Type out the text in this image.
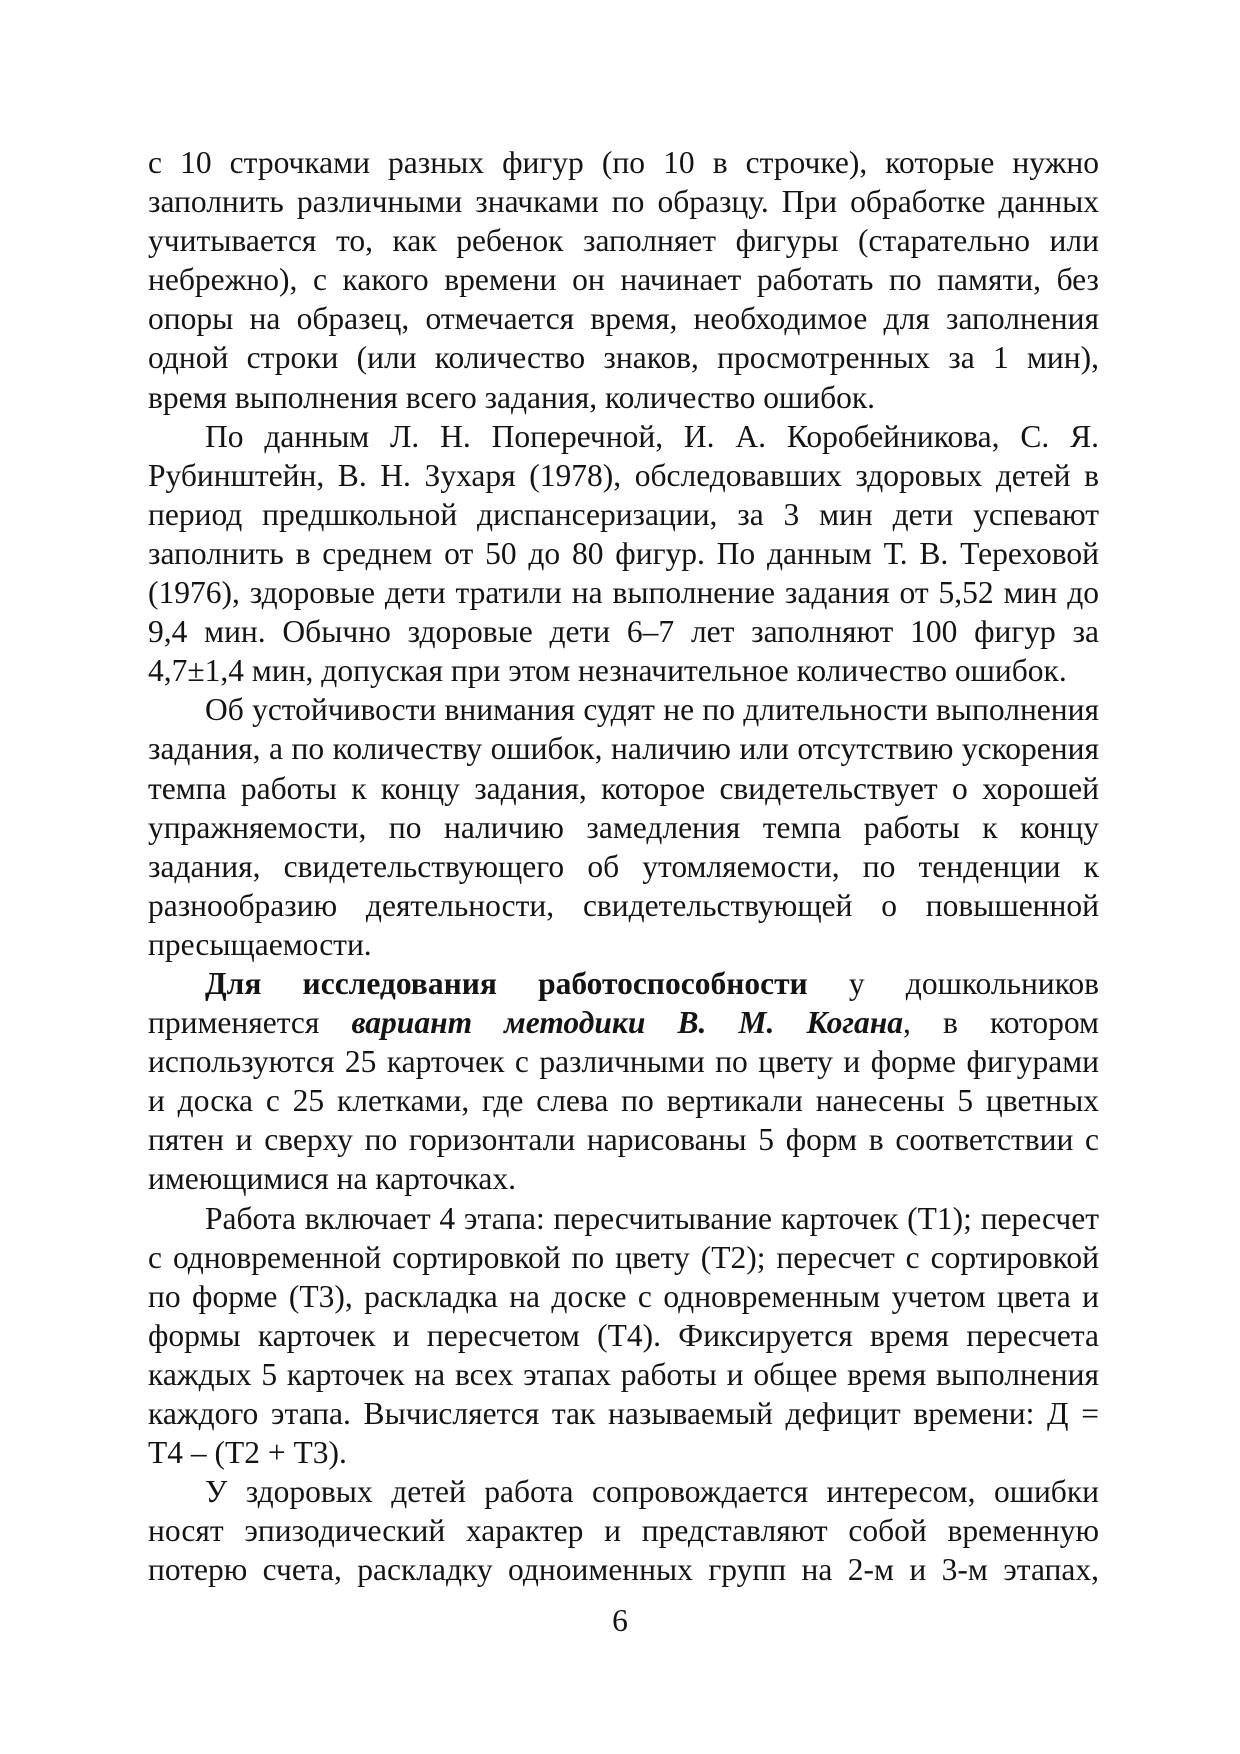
с 10 строчками разных фигур (по 10 в строчке), которые нужно заполнить различными значками по образцу. При обработке данных учитывается то, как ребенок заполняет фигуры (старательно или небрежно), с какого времени он начинает работать по памяти, без опоры на образец, отмечается время, необходимое для заполнения одной строки (или количество знаков, просмотренных за 1 мин), время выполнения всего задания, количество ошибок.

По данным Л. Н. Поперечной, И. А. Коробейникова, С. Я. Рубинштейн, В. Н. Зухаря (1978), обследовавших здоровых детей в период предшкольной диспансеризации, за 3 мин дети успевают заполнить в среднем от 50 до 80 фигур. По данным Т. В. Тереховой (1976), здоровые дети тратили на выполнение задания от 5,52 мин до 9,4 мин. Обычно здоровые дети 6–7 лет заполняют 100 фигур за 4,7±1,4 мин, допуская при этом незначительное количество ошибок.

Об устойчивости внимания судят не по длительности выполнения задания, а по количеству ошибок, наличию или отсутствию ускорения темпа работы к концу задания, которое свидетельствует о хорошей упражняемости, по наличию замедления темпа работы к концу задания, свидетельствующего об утомляемости, по тенденции к разнообразию деятельности, свидетельствующей о повышенной пресыщаемости.

Для исследования работоспособности у дошкольников применяется вариант методики В. М. Когана, в котором используются 25 карточек с различными по цвету и форме фигурами и доска с 25 клетками, где слева по вертикали нанесены 5 цветных пятен и сверху по горизонтали нарисованы 5 форм в соответствии с имеющимися на карточках.

Работа включает 4 этапа: пересчитывание карточек (Т1); пересчет с одновременной сортировкой по цвету (Т2); пересчет с сортировкой по форме (Т3), раскладка на доске с одновременным учетом цвета и формы карточек и пересчетом (Т4). Фиксируется время пересчета каждых 5 карточек на всех этапах работы и общее время выполнения каждого этапа. Вычисляется так называемый дефицит времени: Д = Т4 – (Т2 + Т3).

У здоровых детей работа сопровождается интересом, ошибки носят эпизодический характер и представляют собой временную потерю счета, раскладку одноименных групп на 2-м и 3-м этапах,

6
